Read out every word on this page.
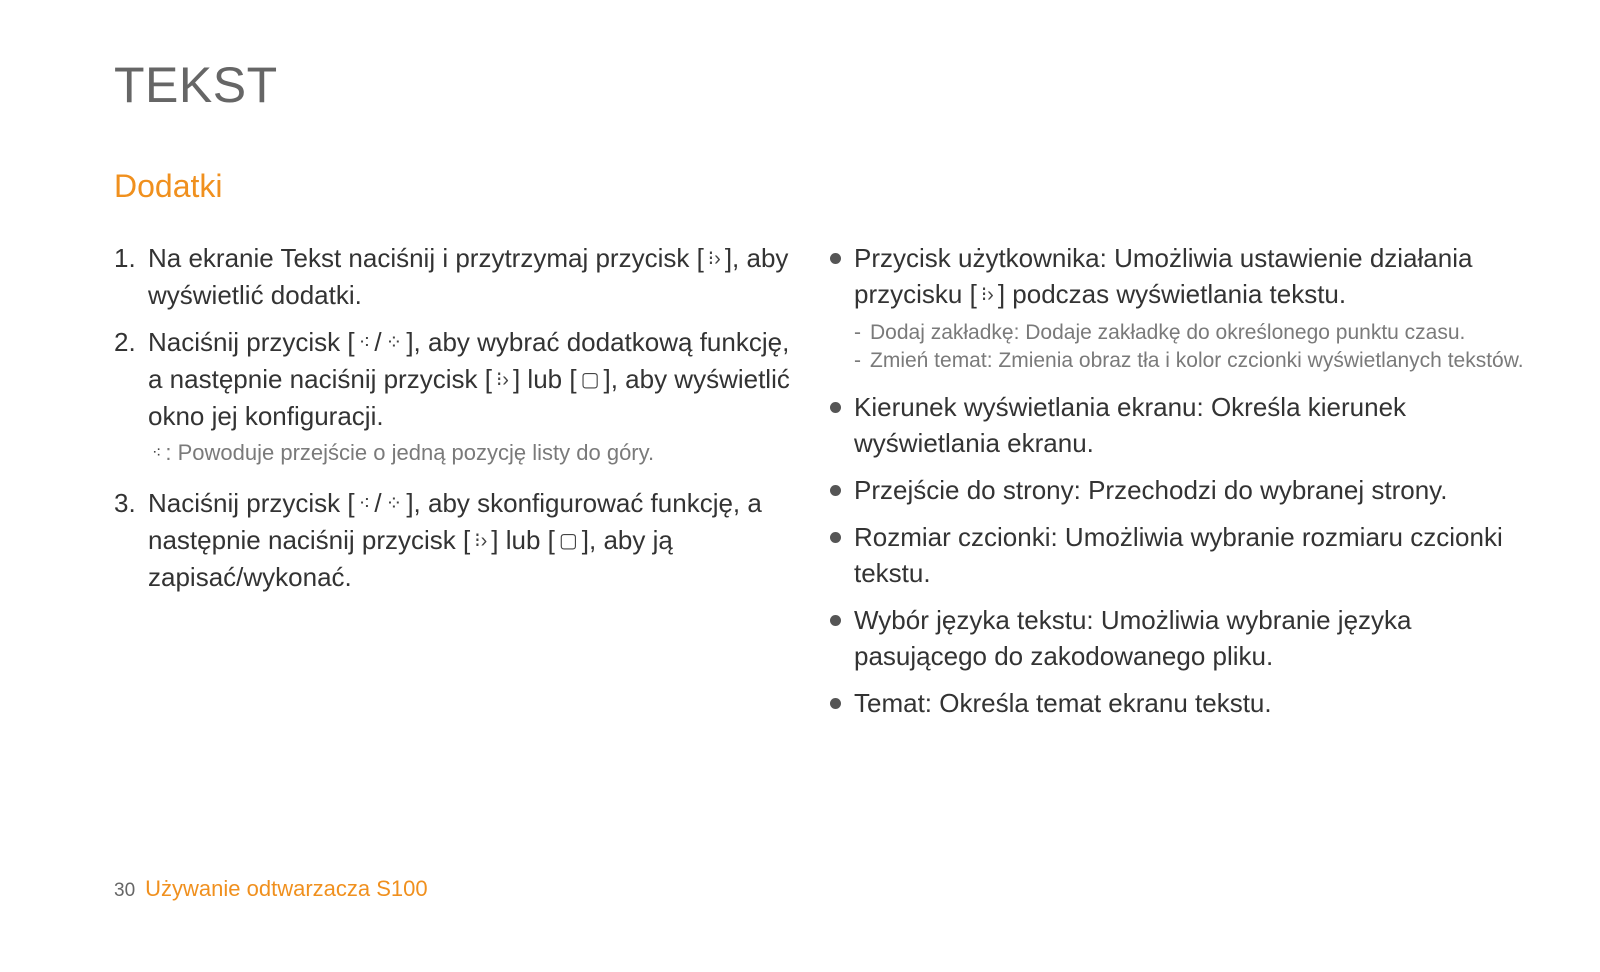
TEKST
Dodatki
1. Na ekranie Tekst naciśnij i przytrzymaj przycisk [ ⁝› ], aby wyświetlić dodatki.
2. Naciśnij przycisk [ ⁖ / ⁘ ], aby wybrać dodatkową funkcję, a następnie naciśnij przycisk [ ⁝› ] lub [ ▢ ], aby wyświetlić okno jej konfiguracji.
⁖ : Powoduje przejście o jedną pozycję listy do góry.
3. Naciśnij przycisk [ ⁖ / ⁘ ], aby skonfigurować funkcję, a następnie naciśnij przycisk [ ⁝› ] lub [ ▢ ], aby ją zapisać/wykonać.
Przycisk użytkownika: Umożliwia ustawienie działania przycisku [ ⁝› ] podczas wyświetlania tekstu.
- Dodaj zakładkę: Dodaje zakładkę do określonego punktu czasu.
- Zmień temat: Zmienia obraz tła i kolor czcionki wyświetlanych tekstów.
Kierunek wyświetlania ekranu: Określa kierunek wyświetlania ekranu.
Przejście do strony: Przechodzi do wybranej strony.
Rozmiar czcionki: Umożliwia wybranie rozmiaru czcionki tekstu.
Wybór języka tekstu: Umożliwia wybranie języka pasującego do zakodowanego pliku.
Temat: Określa temat ekranu tekstu.
30 Używanie odtwarzacza S100
